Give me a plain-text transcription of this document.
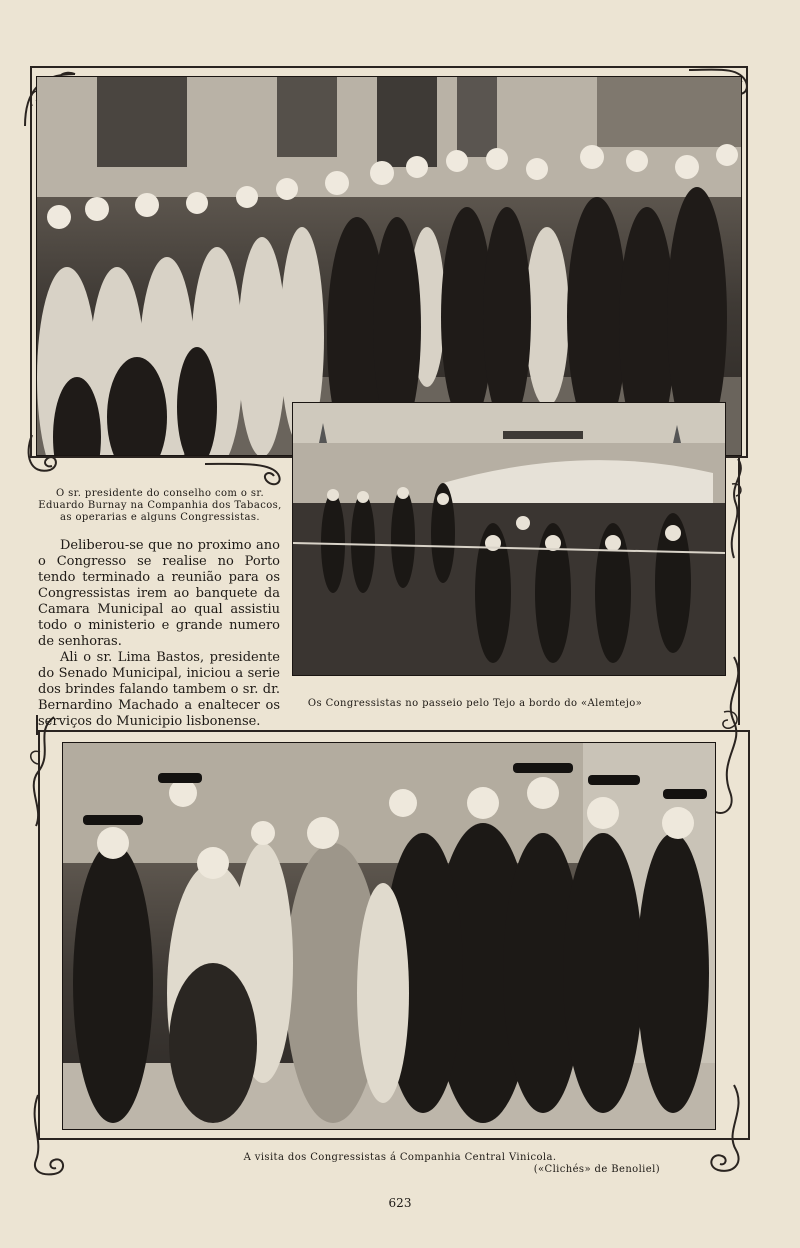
O sr. presidente do conselho com o sr. Eduardo Burnay na Companhia dos Tabacos, as operarias e alguns Congressistas.

Deliberou-se que no proximo ano o Congresso se realise no Porto tendo terminado a reunião para os Congressistas irem ao banquete da Camara Municipal ao qual assistiu todo o ministerio e grande numero de senhoras.

Ali o sr. Lima Bastos, presidente do Senado Municipal, iniciou a serie dos brindes falando tambem o sr. dr. Bernardino Machado a enaltecer os serviços do Municipio lisbonense.

Os Congressistas no passeio pelo Tejo a bordo do «Alemtejo»
A visita dos Congressistas á Companhia Central Vinicola.
(«Clichés» de Benoliel)
623
